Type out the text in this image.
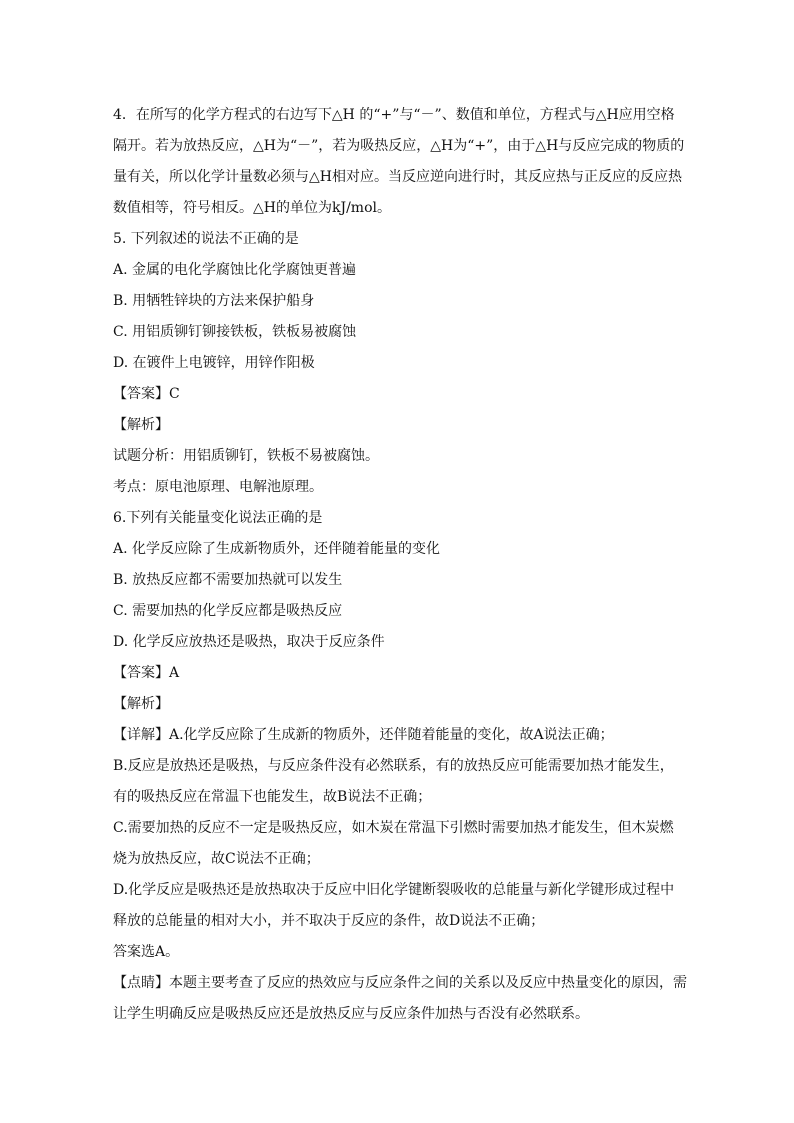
4．在所写的化学方程式的右边写下△H 的“+”与“－”、数值和单位，方程式与△H应用空格隔开。若为放热反应，△H为“－”，若为吸热反应，△H为“+”，由于△H与反应完成的物质的量有关，所以化学计量数必须与△H相对应。当反应逆向进行时，其反应热与正反应的反应热数值相等，符号相反。△H的单位为kJ/mol。

5. 下列叙述的说法不正确的是

A. 金属的电化学腐蚀比化学腐蚀更普遍

B. 用牺牲锌块的方法来保护船身

C. 用铝质铆钉铆接铁板，铁板易被腐蚀

D. 在镀件上电镀锌，用锌作阳极

【答案】C

【解析】

试题分析：用铝质铆钉，铁板不易被腐蚀。

考点：原电池原理、电解池原理。

6.下列有关能量变化说法正确的是

A. 化学反应除了生成新物质外，还伴随着能量的变化

B. 放热反应都不需要加热就可以发生

C. 需要加热的化学反应都是吸热反应

D. 化学反应放热还是吸热，取决于反应条件

【答案】A

【解析】

【详解】A.化学反应除了生成新的物质外，还伴随着能量的变化，故A说法正确；

B.反应是放热还是吸热，与反应条件没有必然联系，有的放热反应可能需要加热才能发生，有的吸热反应在常温下也能发生，故B说法不正确；

C.需要加热的反应不一定是吸热反应，如木炭在常温下引燃时需要加热才能发生，但木炭燃烧为放热反应，故C说法不正确；

D.化学反应是吸热还是放热取决于反应中旧化学键断裂吸收的总能量与新化学键形成过程中释放的总能量的相对大小，并不取决于反应的条件，故D说法不正确；

答案选A。

【点睛】本题主要考查了反应的热效应与反应条件之间的关系以及反应中热量变化的原因，需让学生明确反应是吸热反应还是放热反应与反应条件加热与否没有必然联系。
